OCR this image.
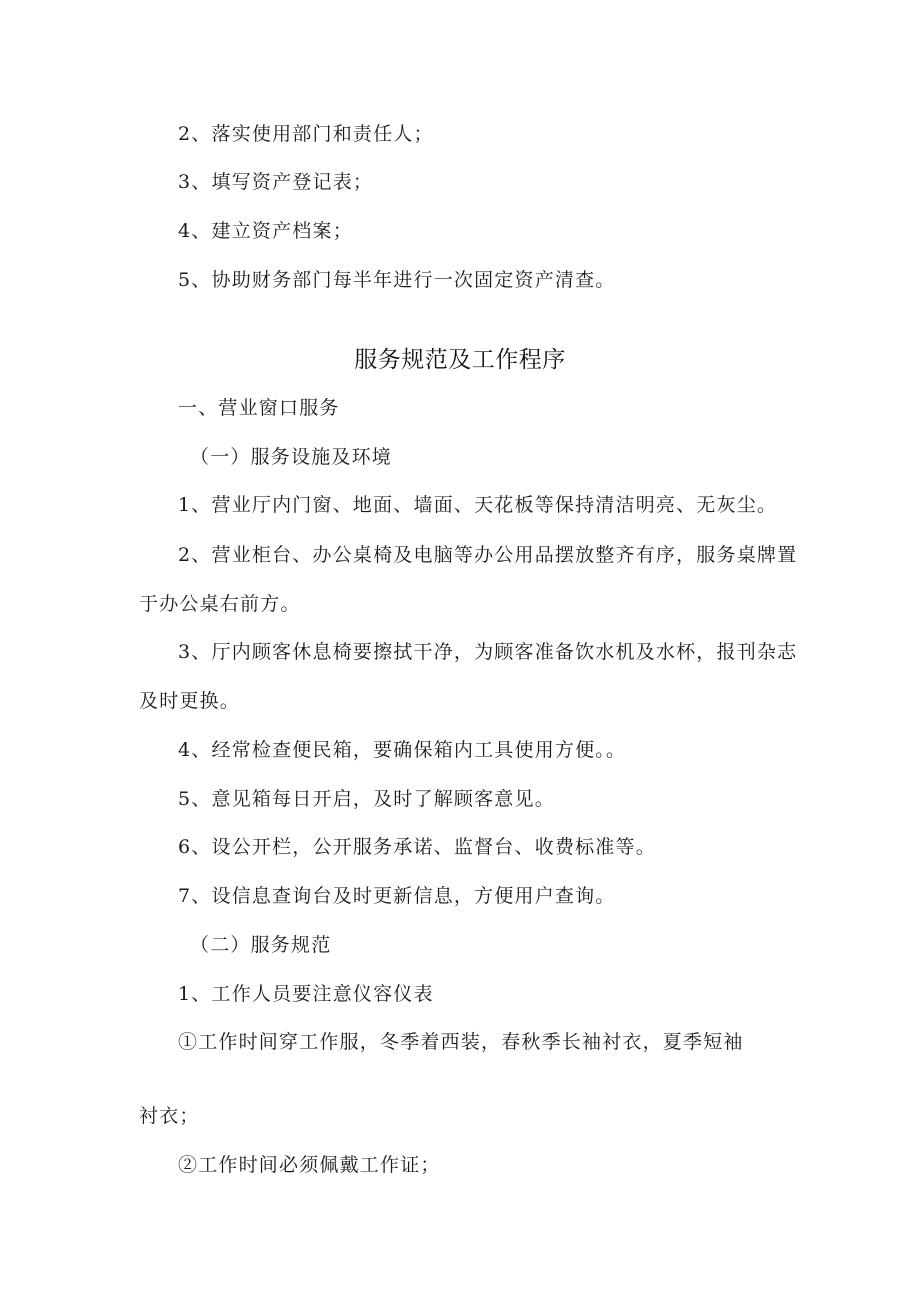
2、落实使用部门和责任人；

3、填写资产登记表；

4、建立资产档案；

5、协助财务部门每半年进行一次固定资产清查。

服务规范及工作程序

一、营业窗口服务

（一）服务设施及环境

1、营业厅内门窗、地面、墙面、天花板等保持清洁明亮、无灰尘。

2、营业柜台、办公桌椅及电脑等办公用品摆放整齐有序，服务桌牌置

于办公桌右前方。

3、厅内顾客休息椅要擦拭干净，为顾客准备饮水机及水杯，报刊杂志

及时更换。

4、经常检查便民箱，要确保箱内工具使用方便。。

5、意见箱每日开启，及时了解顾客意见。

6、设公开栏，公开服务承诺、监督台、收费标准等。

7、设信息查询台及时更新信息，方便用户查询。

（二）服务规范

1、工作人员要注意仪容仪表

①工作时间穿工作服，冬季着西装，春秋季长袖衬衣，夏季短袖

衬衣；

②工作时间必须佩戴工作证；
